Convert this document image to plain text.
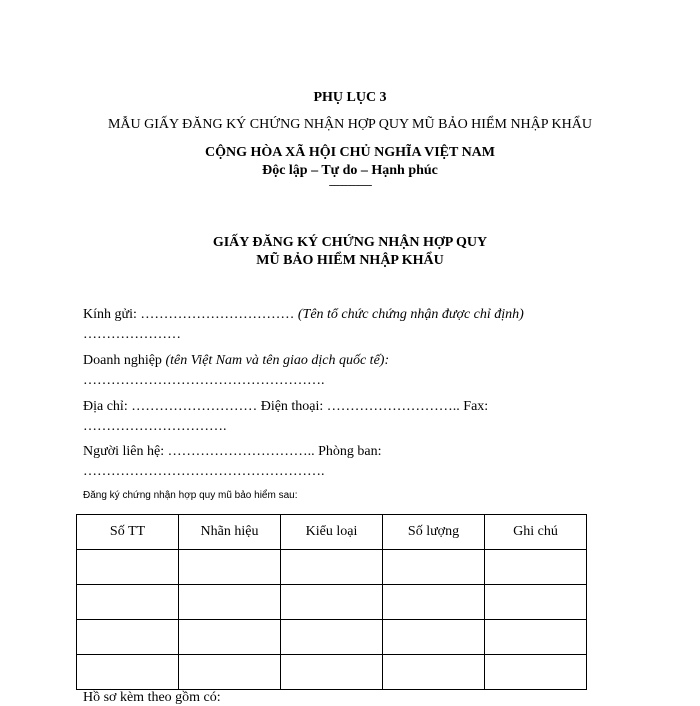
PHỤ LỤC 3
MẪU GIẤY ĐĂNG KÝ CHỨNG NHẬN HỢP QUY MŨ BẢO HIỂM NHẬP KHẨU
CỘNG HÒA XÃ HỘI CHỦ NGHĨA VIỆT NAM
Độc lập – Tự do – Hạnh phúc
----------------
GIẤY ĐĂNG KÝ CHỨNG NHẬN HỢP QUY
MŨ BẢO HIỂM NHẬP KHẨU
Kính gửi: …………………………… (Tên tổ chức chứng nhận được chỉ định)
…………………
Doanh nghiệp (tên Việt Nam và tên giao dịch quốc tế):
…………………………………………….
Địa chỉ: ……………………… Điện thoại: ……………………….. Fax:
………………………….
Người liên hệ: ………………………….. Phòng ban:
…………………………………………….
Đăng ký chứng nhận hợp quy mũ bảo hiểm sau:
Số TT	Nhãn hiệu	Kiểu loại	Số lượng	Ghi chú

Hồ sơ kèm theo gồm có:
